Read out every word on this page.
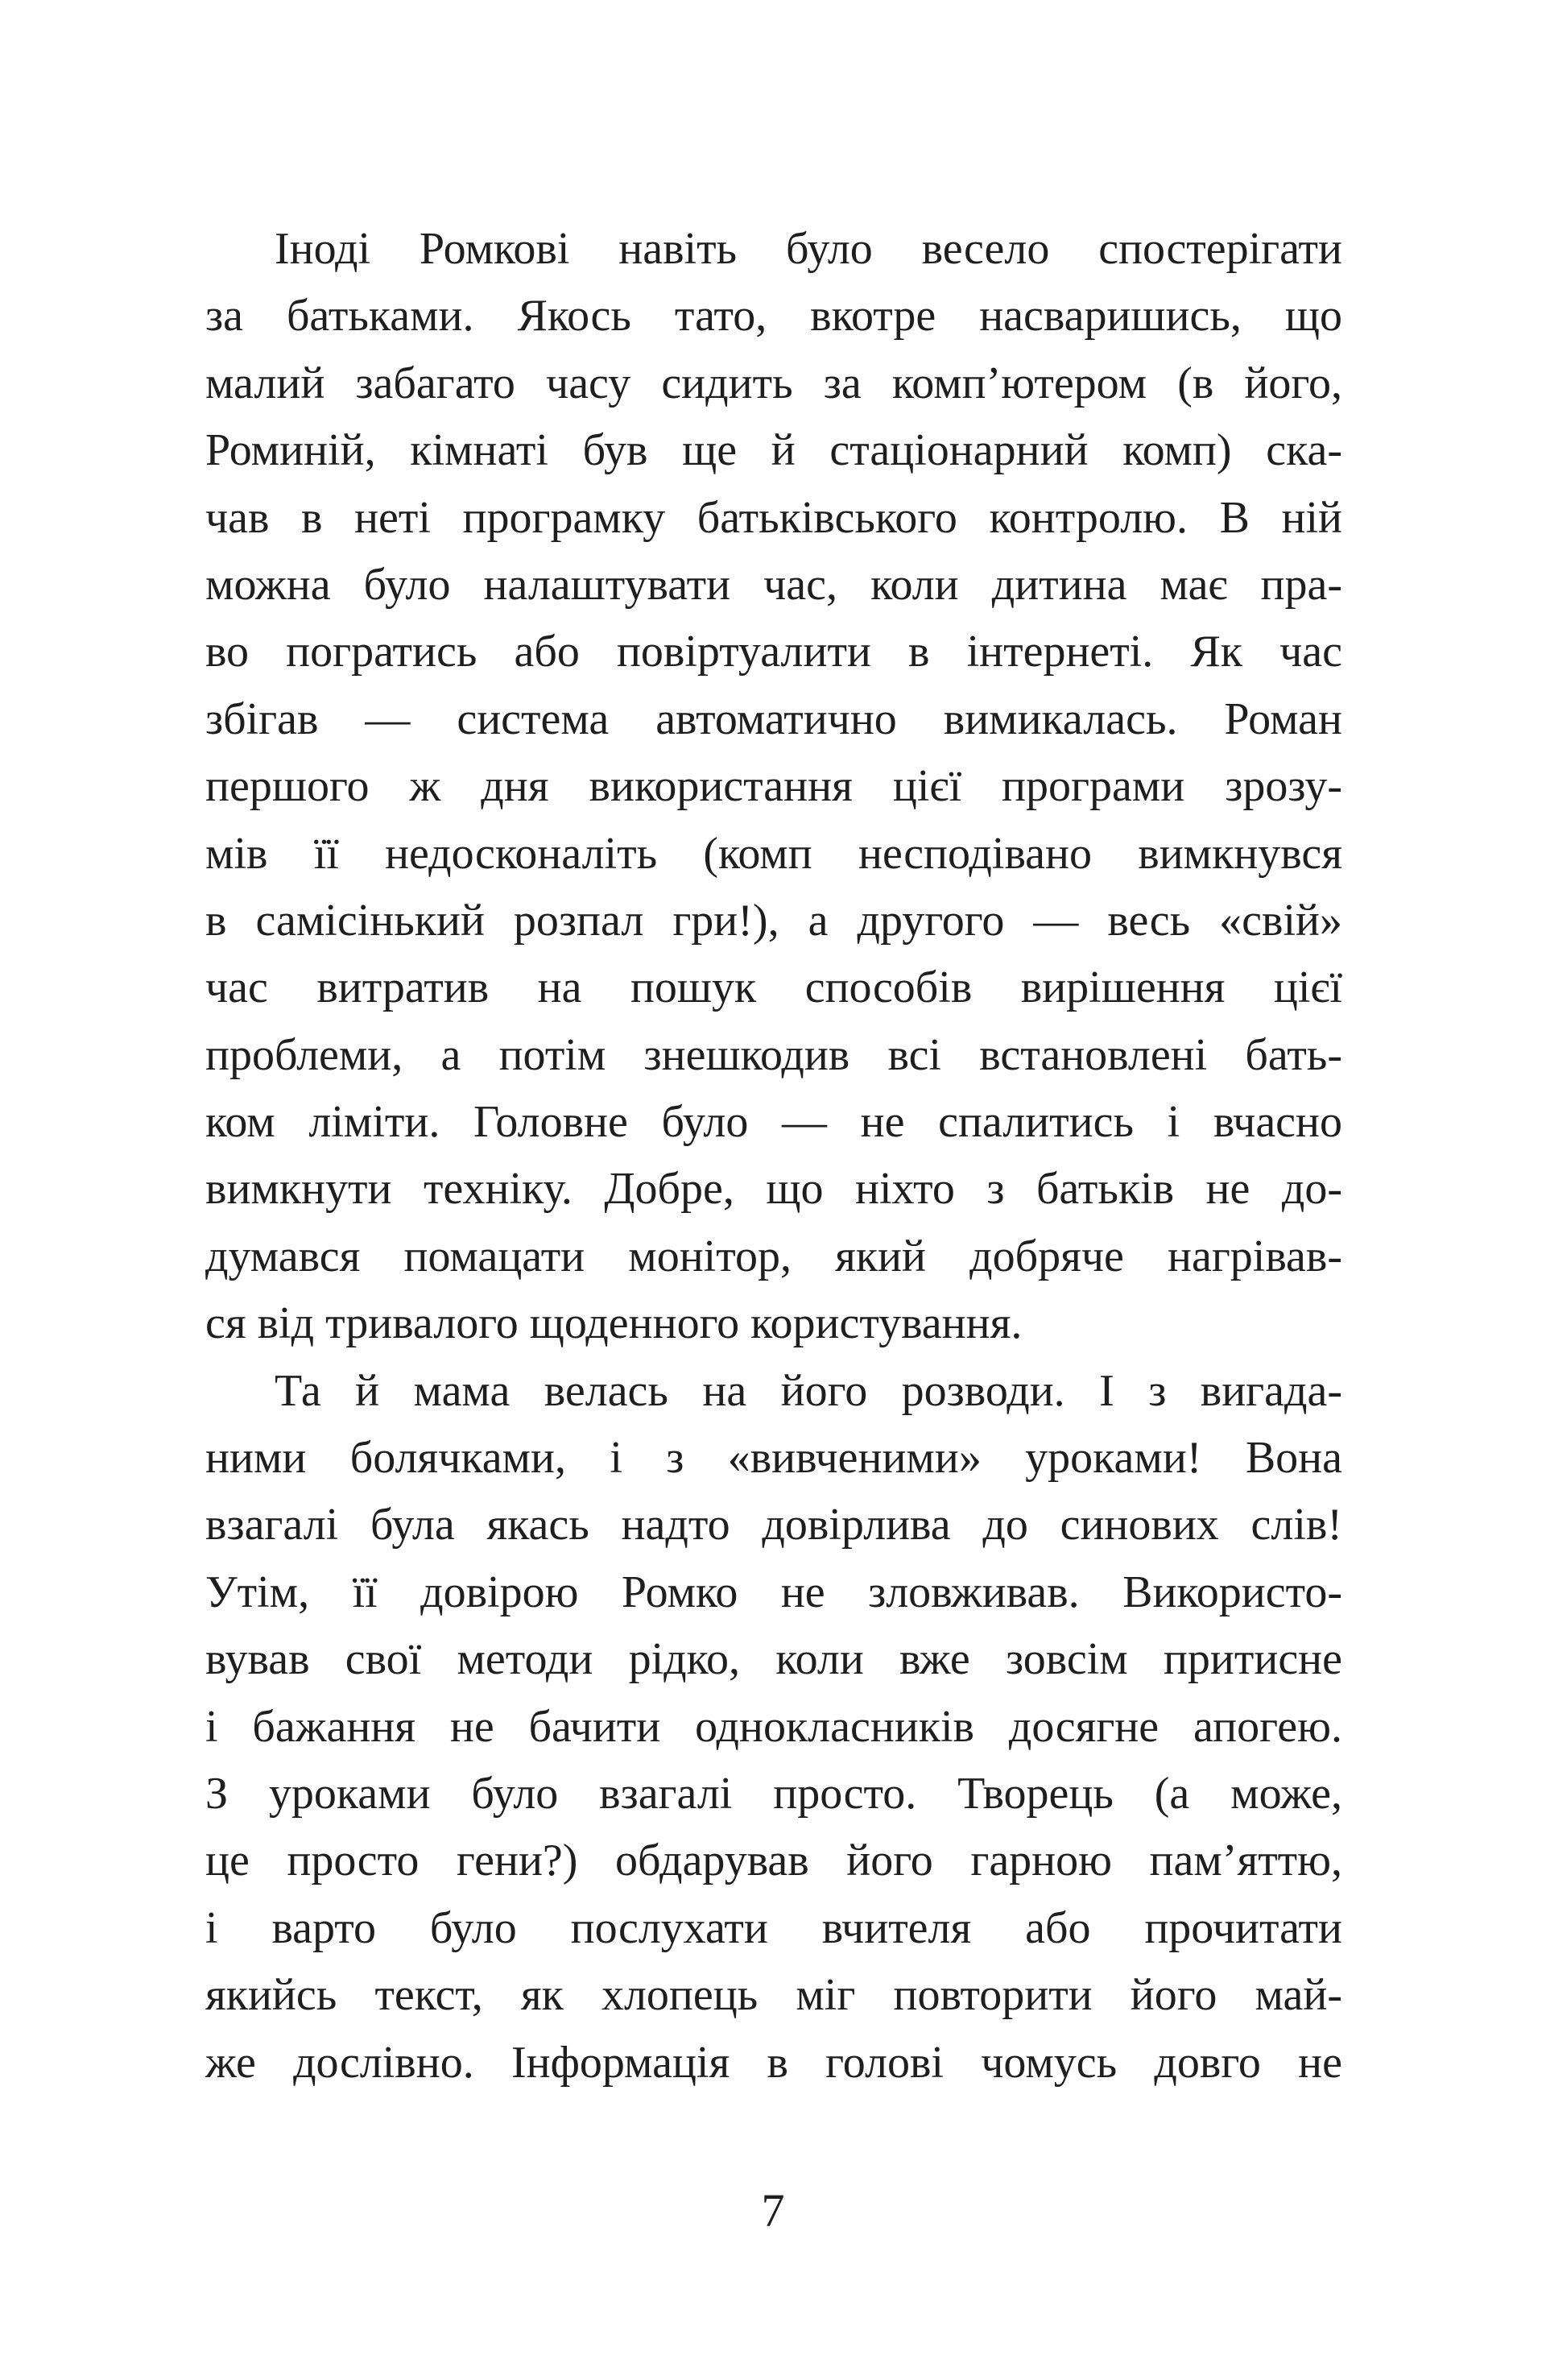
Іноді Ромкові навіть було весело спостерігати
за батьками. Якось тато, вкотре насваришись, що
малий забагато часу сидить за комп’ютером (в його,
Роминій, кімнаті був ще й стаціонарний комп) ска-
чав в неті програмку батьківського контролю. В ній
можна було налаштувати час, коли дитина має пра-
во погратись або повіртуалити в інтернеті. Як час
збігав — система автоматично вимикалась. Роман
першого ж дня використання цієї програми зрозу-
мів її недосконаліть (комп несподівано вимкнувся
в самісінький розпал гри!), а другого — весь «свій»
час витратив на пошук способів вирішення цієї
проблеми, а потім знешкодив всі встановлені бать-
ком ліміти. Головне було — не спалитись і вчасно
вимкнути техніку. Добре, що ніхто з батьків не до-
думався помацати монітор, який добряче нагрівав-
ся від тривалого щоденного користування.
Та й мама велась на його розводи. І з вигада-
ними болячками, і з «вивченими» уроками! Вона
взагалі була якась надто довірлива до синових слів!
Утім, її довірою Ромко не зловживав. Використо-
вував свої методи рідко, коли вже зовсім притисне
і бажання не бачити однокласників досягне апогею.
З уроками було взагалі просто. Творець (а може,
це просто гени?) обдарував його гарною пам’яттю,
і варто було послухати вчителя або прочитати
якийсь текст, як хлопець міг повторити його май-
же дослівно. Інформація в голові чомусь довго не
7
